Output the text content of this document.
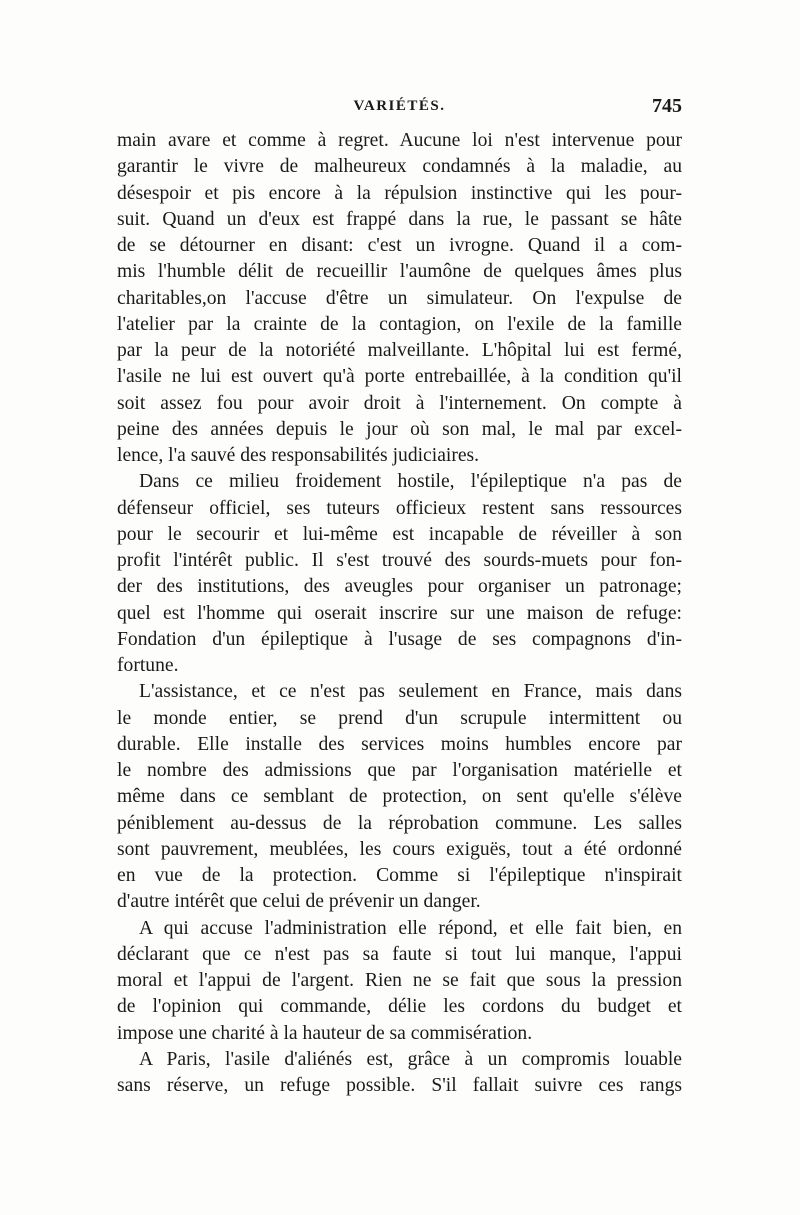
VARIÉTÉS.	745
main avare et comme à regret. Aucune loi n'est intervenue pour
garantir le vivre de malheureux condamnés à la maladie, au
désespoir et pis encore à la répulsion instinctive qui les pour-
suit. Quand un d'eux est frappé dans la rue, le passant se hâte
de se détourner en disant: c'est un ivrogne. Quand il a com-
mis l'humble délit de recueillir l'aumône de quelques âmes plus
charitables,on l'accuse d'être un simulateur. On l'expulse de
l'atelier par la crainte de la contagion, on l'exile de la famille
par la peur de la notoriété malveillante. L'hôpital lui est fermé,
l'asile ne lui est ouvert qu'à porte entrebaillée, à la condition qu'il
soit assez fou pour avoir droit à l'internement. On compte à
peine des années depuis le jour où son mal, le mal par excel-
lence, l'a sauvé des responsabilités judiciaires.
Dans ce milieu froidement hostile, l'épileptique n'a pas de
défenseur officiel, ses tuteurs officieux restent sans ressources
pour le secourir et lui-même est incapable de réveiller à son
profit l'intérêt public. Il s'est trouvé des sourds-muets pour fon-
der des institutions, des aveugles pour organiser un patronage;
quel est l'homme qui oserait inscrire sur une maison de refuge:
Fondation d'un épileptique à l'usage de ses compagnons d'in-
fortune.
L'assistance, et ce n'est pas seulement en France, mais dans
le monde entier, se prend d'un scrupule intermittent ou
durable. Elle installe des services moins humbles encore par
le nombre des admissions que par l'organisation matérielle et
même dans ce semblant de protection, on sent qu'elle s'élève
péniblement au-dessus de la réprobation commune. Les salles
sont pauvrement, meublées, les cours exiguës, tout a été ordonné
en vue de la protection. Comme si l'épileptique n'inspirait
d'autre intérêt que celui de prévenir un danger.
A qui accuse l'administration elle répond, et elle fait bien, en
déclarant que ce n'est pas sa faute si tout lui manque, l'appui
moral et l'appui de l'argent. Rien ne se fait que sous la pression
de l'opinion qui commande, délie les cordons du budget et
impose une charité à la hauteur de sa commisération.
A Paris, l'asile d'aliénés est, grâce à un compromis louable
sans réserve, un refuge possible. S'il fallait suivre ces rangs
